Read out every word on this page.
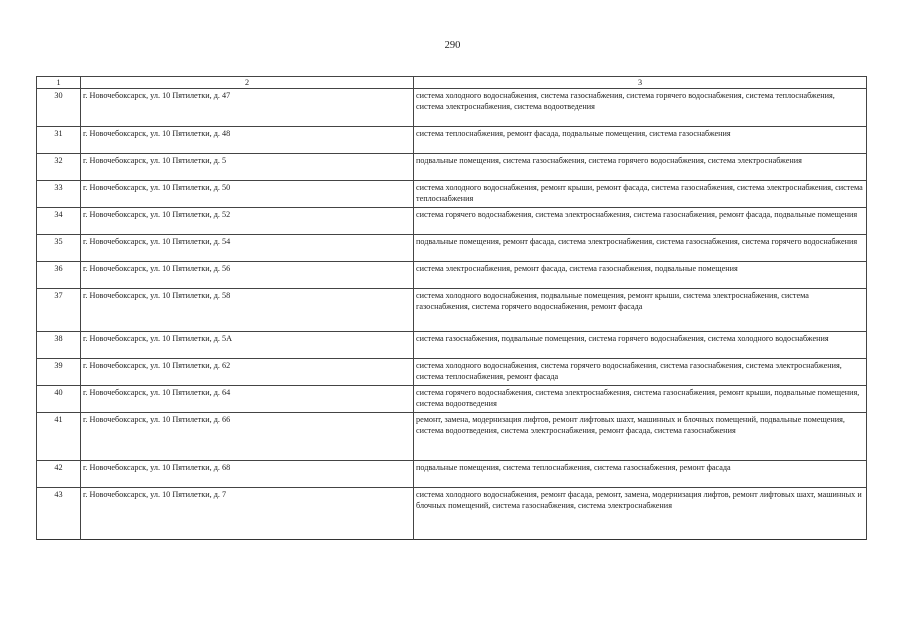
290
1	2	3
30	г. Новочебоксарск, ул. 10 Пятилетки, д. 47	система холодного водоснабжения, система газоснабжения, система горячего водоснабжения, система теплоснабжения, система электроснабжения, система водоотведения
31	г. Новочебоксарск, ул. 10 Пятилетки, д. 48	система теплоснабжения, ремонт фасада, подвальные помещения, система газоснабжения
32	г. Новочебоксарск, ул. 10 Пятилетки, д. 5	подвальные помещения, система газоснабжения, система горячего водоснабжения, система электроснабжения
33	г. Новочебоксарск, ул. 10 Пятилетки, д. 50	система холодного водоснабжения, ремонт крыши, ремонт фасада, система газоснабжения, система электроснабжения, система теплоснабжения
34	г. Новочебоксарск, ул. 10 Пятилетки, д. 52	система горячего водоснабжения, система электроснабжения, система газоснабжения, ремонт фасада, подвальные помещения
35	г. Новочебоксарск, ул. 10 Пятилетки, д. 54	подвальные помещения, ремонт фасада, система электроснабжения, система газоснабжения, система горячего водоснабжения
36	г. Новочебоксарск, ул. 10 Пятилетки, д. 56	система электроснабжения, ремонт фасада, система газоснабжения, подвальные помещения
37	г. Новочебоксарск, ул. 10 Пятилетки, д. 58	система холодного водоснабжения, подвальные помещения, ремонт крыши, система электроснабжения, система газоснабжения, система горячего водоснабжения, ремонт фасада
38	г. Новочебоксарск, ул. 10 Пятилетки, д. 5А	система газоснабжения, подвальные помещения, система горячего водоснабжения, система холодного водоснабжения
39	г. Новочебоксарск, ул. 10 Пятилетки, д. 62	система холодного водоснабжения, система горячего водоснабжения, система газоснабжения, система электроснабжения, система теплоснабжения, ремонт фасада
40	г. Новочебоксарск, ул. 10 Пятилетки, д. 64	система горячего водоснабжения, система электроснабжения, система газоснабжения, ремонт крыши, подвальные помещения, система водоотведения
41	г. Новочебоксарск, ул. 10 Пятилетки, д. 66	ремонт, замена, модернизация лифтов, ремонт лифтовых шахт, машинных и блочных помещений, подвальные помещения, система водоотведения, система электроснабжения, ремонт фасада, система газоснабжения
42	г. Новочебоксарск, ул. 10 Пятилетки, д. 68	подвальные помещения, система теплоснабжения, система газоснабжения, ремонт фасада
43	г. Новочебоксарск, ул. 10 Пятилетки, д. 7	система холодного водоснабжения, ремонт фасада, ремонт, замена, модернизация лифтов, ремонт лифтовых шахт, машинных и блочных помещений, система газоснабжения, система электроснабжения
